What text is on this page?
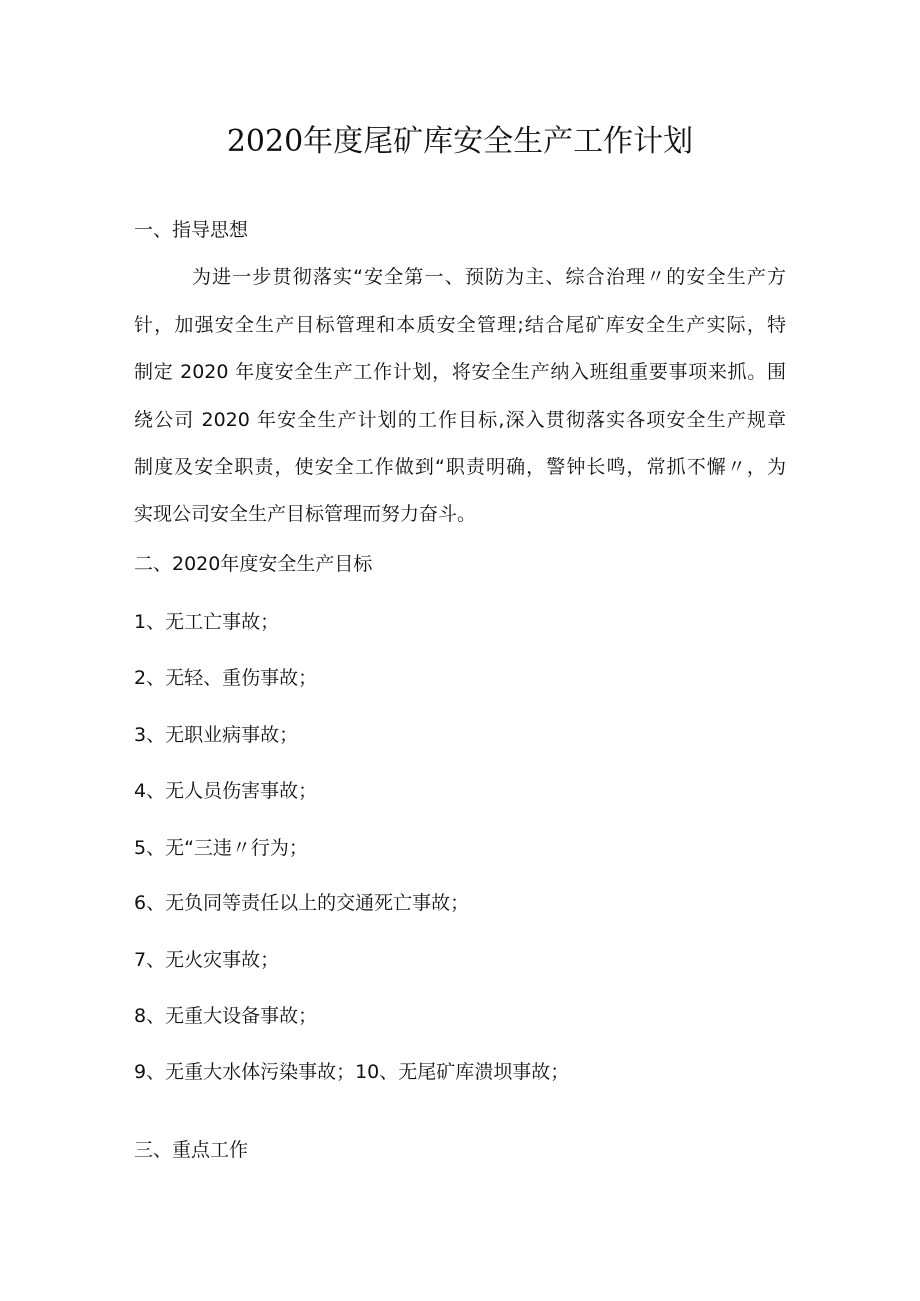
2020年度尾矿库安全生产工作计划
一、指导思想
为进一步贯彻落实“安全第一、预防为主、综合治理〃的安全生产方
针，加强安全生产目标管理和本质安全管理;结合尾矿库安全生产实际，特
制定 2020 年度安全生产工作计划，将安全生产纳入班组重要事项来抓。围
绕公司 2020 年安全生产计划的工作目标,深入贯彻落实各项安全生产规章
制度及安全职责，使安全工作做到“职责明确，警钟长鸣，常抓不懈〃，为
实现公司安全生产目标管理而努力奋斗。
二、2020年度安全生产目标
1、无工亡事故；
2、无轻、重伤事故；
3、无职业病事故；
4、无人员伤害事故；
5、无“三违〃行为；
6、无负同等责任以上的交通死亡事故；
7、无火灾事故；
8、无重大设备事故；
9、无重大水体污染事故；10、无尾矿库溃坝事故；
三、重点工作
